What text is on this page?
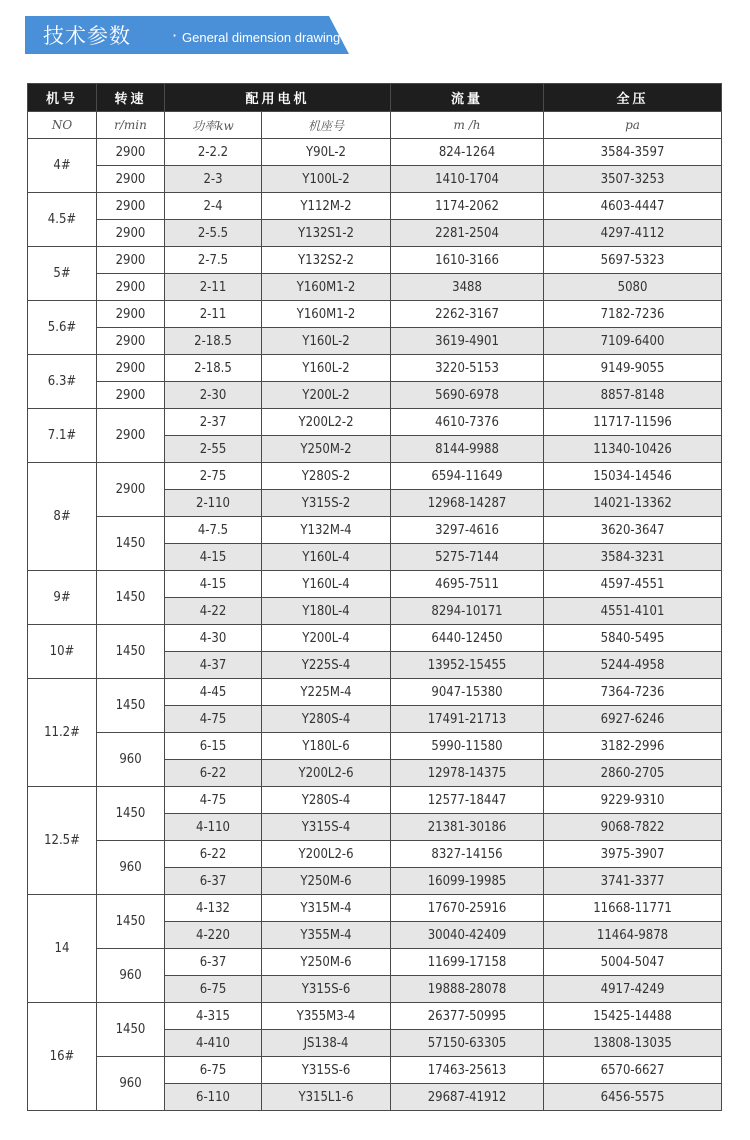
技术参数	· General dimension drawing
机号	转速	配用电机		流量	全压
NO	r/min	功率kw	机座号	m /h	pa
4#	2900	2-2.2	Y90L-2	824-1264	3584-3597
	2900	2-3	Y100L-2	1410-1704	3507-3253
4.5#	2900	2-4	Y112M-2	1174-2062	4603-4447
	2900	2-5.5	Y132S1-2	2281-2504	4297-4112
5#	2900	2-7.5	Y132S2-2	1610-3166	5697-5323
	2900	2-11	Y160M1-2	3488	5080
5.6#	2900	2-11	Y160M1-2	2262-3167	7182-7236
	2900	2-18.5	Y160L-2	3619-4901	7109-6400
6.3#	2900	2-18.5	Y160L-2	3220-5153	9149-9055
	2900	2-30	Y200L-2	5690-6978	8857-8148
7.1#	2900	2-37	Y200L2-2	4610-7376	11717-11596
		2-55	Y250M-2	8144-9988	11340-10426
8#	2900	2-75	Y280S-2	6594-11649	15034-14546
		2-110	Y315S-2	12968-14287	14021-13362
	1450	4-7.5	Y132M-4	3297-4616	3620-3647
		4-15	Y160L-4	5275-7144	3584-3231
9#	1450	4-15	Y160L-4	4695-7511	4597-4551
		4-22	Y180L-4	8294-10171	4551-4101
10#	1450	4-30	Y200L-4	6440-12450	5840-5495
		4-37	Y225S-4	13952-15455	5244-4958
11.2#	1450	4-45	Y225M-4	9047-15380	7364-7236
		4-75	Y280S-4	17491-21713	6927-6246
	960	6-15	Y180L-6	5990-11580	3182-2996
		6-22	Y200L2-6	12978-14375	2860-2705
12.5#	1450	4-75	Y280S-4	12577-18447	9229-9310
		4-110	Y315S-4	21381-30186	9068-7822
	960	6-22	Y200L2-6	8327-14156	3975-3907
		6-37	Y250M-6	16099-19985	3741-3377
14	1450	4-132	Y315M-4	17670-25916	11668-11771
		4-220	Y355M-4	30040-42409	11464-9878
	960	6-37	Y250M-6	11699-17158	5004-5047
		6-75	Y315S-6	19888-28078	4917-4249
16#	1450	4-315	Y355M3-4	26377-50995	15425-14488
		4-410	JS138-4	57150-63305	13808-13035
	960	6-75	Y315S-6	17463-25613	6570-6627
		6-110	Y315L1-6	29687-41912	6456-5575
